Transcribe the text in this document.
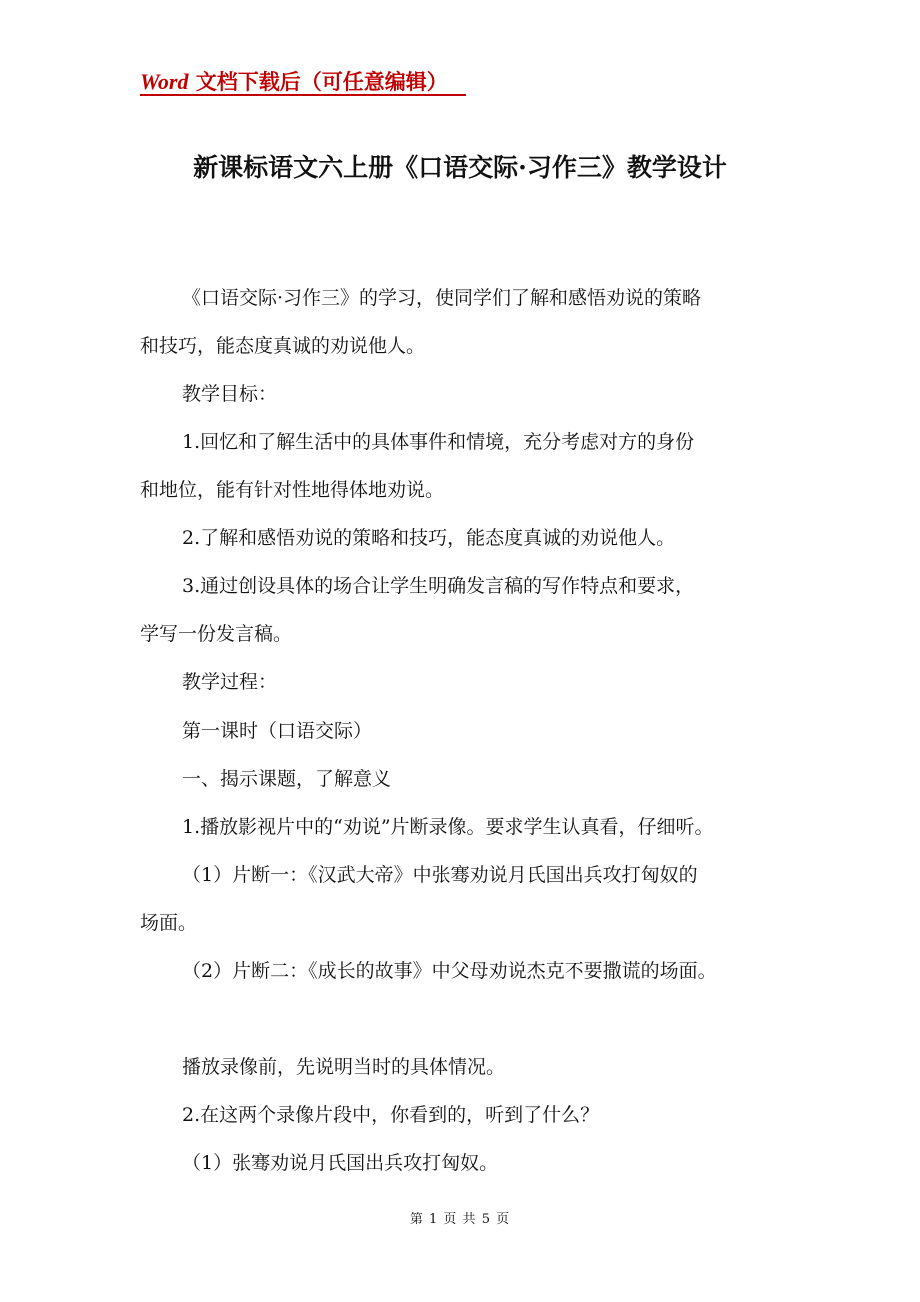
Word 文档下载后（可任意编辑）
新课标语文六上册《口语交际·习作三》教学设计
《口语交际·习作三》的学习，使同学们了解和感悟劝说的策略
和技巧，能态度真诚的劝说他人。
教学目标：
1.回忆和了解生活中的具体事件和情境，充分考虑对方的身份
和地位，能有针对性地得体地劝说。
2.了解和感悟劝说的策略和技巧，能态度真诚的劝说他人。
3.通过创设具体的场合让学生明确发言稿的写作特点和要求，
学写一份发言稿。
教学过程：
第一课时（口语交际）
一、揭示课题，了解意义
1.播放影视片中的“劝说”片断录像。要求学生认真看，仔细听。
（1）片断一：《汉武大帝》中张骞劝说月氏国出兵攻打匈奴的
场面。
（2）片断二：《成长的故事》中父母劝说杰克不要撒谎的场面。
播放录像前，先说明当时的具体情况。
2.在这两个录像片段中，你看到的，听到了什么？
（1）张骞劝说月氏国出兵攻打匈奴。
第 1 页 共 5 页
